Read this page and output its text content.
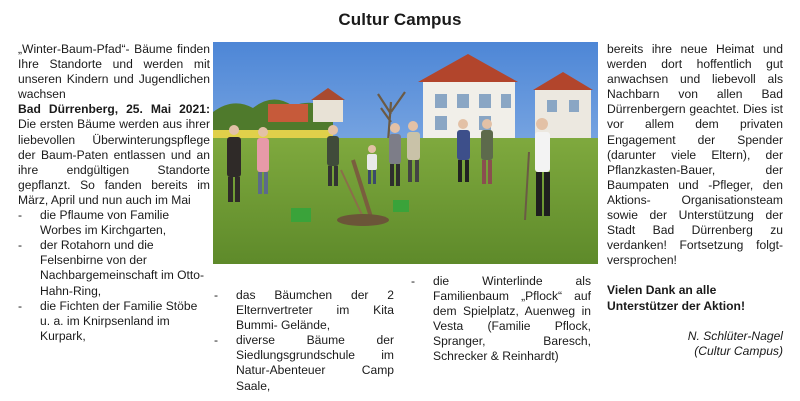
Cultur Campus

„Winter-Baum-Pfad“- Bäume finden Ihre Standorte und werden mit unseren Kindern und Jugendlichen wachsen

Bad Dürrenberg, 25. Mai 2021: Die ersten Bäume werden aus ihrer liebevollen Überwinterungspflege der Baum-Paten entlassen und an ihre endgültigen Standorte gepflanzt. So fanden bereits im März, April und nun auch im Mai

- die Pflaume von Familie Worbes im Kirchgarten,
- der Rotahorn und die Felsenbirne von der Nachbargemeinschaft im Otto-Hahn-Ring,
- die Fichten der Familie Stöbe u. a. im Knirpsenland im Kurpark,
- das Bäumchen der 2 Elternvertreter im Kita Bummi- Gelände,
- diverse Bäume der Siedlungsgrundschule im Natur-Abenteuer Camp Saale,
- die Winterlinde als Familienbaum „Pflock“ auf dem Spielplatz, Auenweg in Vesta (Familie Pflock, Spranger, Baresch, Schrecker & Reinhardt)

bereits ihre neue Heimat und werden dort hoffentlich gut anwachsen und liebevoll als Nachbarn von allen Bad Dürrenbergern geachtet. Dies ist vor allem dem privaten Engagement der Spender (darunter viele Eltern), der Pflanzkasten-Bauer, der Baumpaten und -Pfleger, den Aktions- Organisationsteam sowie der Unterstützung der Stadt Bad Dürrenberg zu verdanken! Fortsetzung folgt- versprochen!

Vielen Dank an alle Unterstützer der Aktion!

N. Schlüter-Nagel
(Cultur Campus)
